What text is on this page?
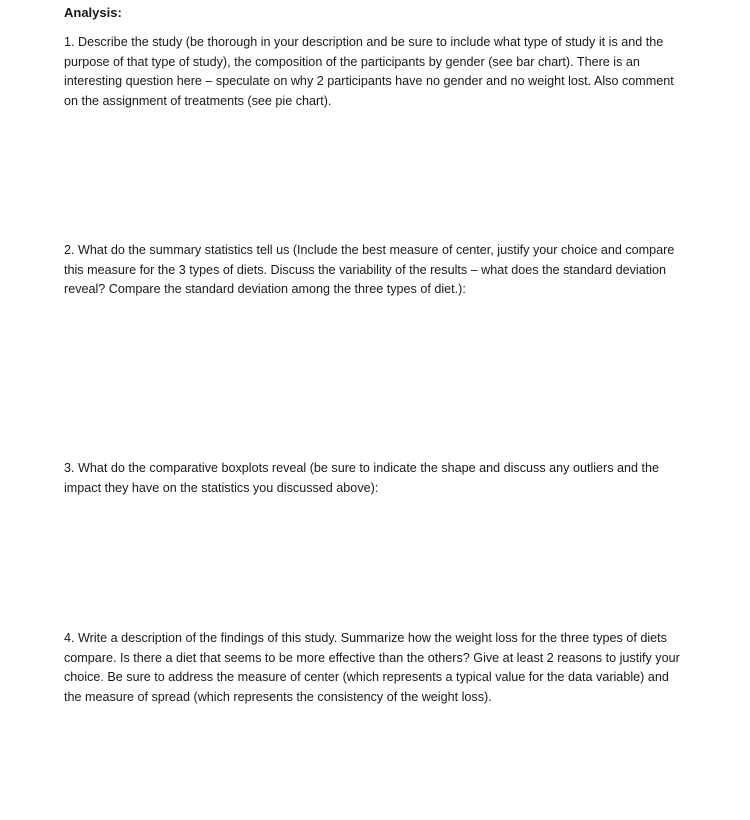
Analysis:

1. Describe the study (be thorough in your description and be sure to include what type of study it is and the purpose of that type of study), the composition of the participants by gender (see bar chart). There is an interesting question here – speculate on why 2 participants have no gender and no weight lost. Also comment on the assignment of treatments (see pie chart).

2. What do the summary statistics tell us (Include the best measure of center, justify your choice and compare this measure for the 3 types of diets. Discuss the variability of the results – what does the standard deviation reveal? Compare the standard deviation among the three types of diet.):

3. What do the comparative boxplots reveal (be sure to indicate the shape and discuss any outliers and the impact they have on the statistics you discussed above):

4. Write a description of the findings of this study. Summarize how the weight loss for the three types of diets compare. Is there a diet that seems to be more effective than the others? Give at least 2 reasons to justify your choice. Be sure to address the measure of center (which represents a typical value for the data variable) and the measure of spread (which represents the consistency of the weight loss).
